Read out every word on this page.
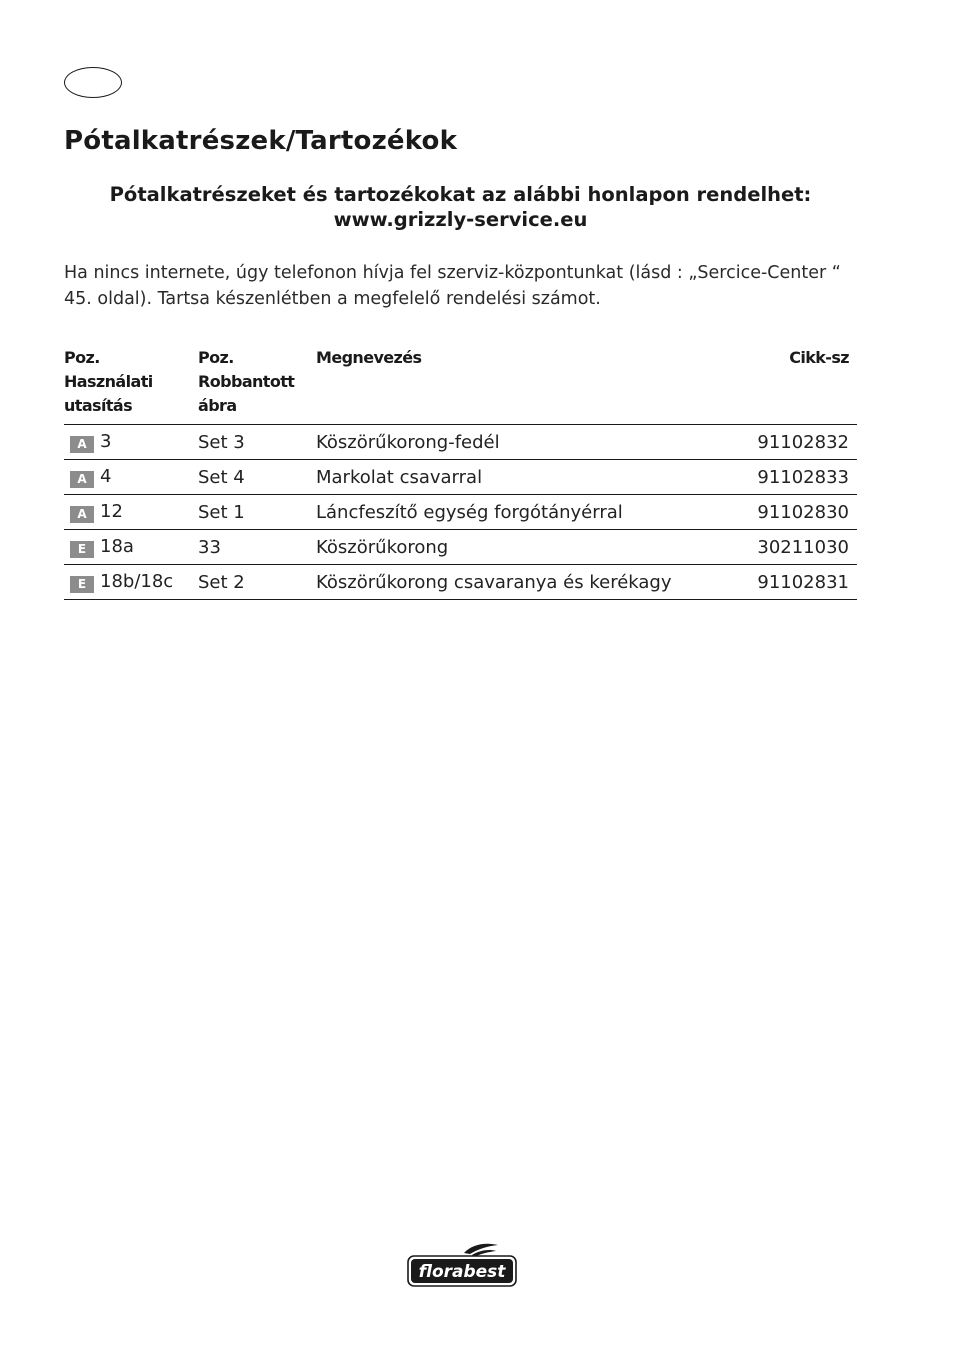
Pótalkatrészek/Tartozékok
Pótalkatrészeket és tartozékokat az alábbi honlapon rendelhet:
www.grizzly-service.eu
Ha nincs internete, úgy telefonon hívja fel szerviz-központunkat (lásd : „Sercice-Center “
45. oldal). Tartsa készenlétben a megfelelő rendelési számot.
Poz.
Használati
utasítás	Poz.
Robbantott
ábra	Megnevezés	Cikk-sz
A 3	Set 3	Köszörűkorong-fedél	91102832
A 4	Set 4	Markolat csavarral	91102833
A 12	Set 1	Láncfeszítő egység forgótányérral	91102830
E 18a	33	Köszörűkorong	30211030
E 18b/18c	Set 2	Köszörűkorong csavaranya és kerékagy	91102831
florabest
